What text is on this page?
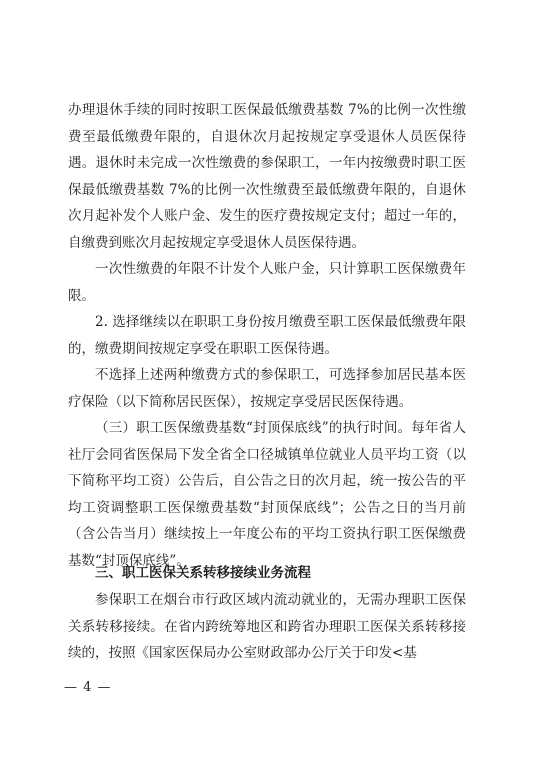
办理退休手续的同时按职工医保最低缴费基数 7%的比例一次性缴费至最低缴费年限的，自退休次月起按规定享受退休人员医保待遇。退休时未完成一次性缴费的参保职工，一年内按缴费时职工医保最低缴费基数 7%的比例一次性缴费至最低缴费年限的，自退休次月起补发个人账户金、发生的医疗费按规定支付；超过一年的，自缴费到账次月起按规定享受退休人员医保待遇。

一次性缴费的年限不计发个人账户金，只计算职工医保缴费年限。

2. 选择继续以在职职工身份按月缴费至职工医保最低缴费年限的，缴费期间按规定享受在职职工医保待遇。

不选择上述两种缴费方式的参保职工，可选择参加居民基本医疗保险（以下简称居民医保），按规定享受居民医保待遇。

（三）职工医保缴费基数“封顶保底线”的执行时间。每年省人社厅会同省医保局下发全省全口径城镇单位就业人员平均工资（以下简称平均工资）公告后，自公告之日的次月起，统一按公告的平均工资调整职工医保缴费基数“封顶保底线”；公告之日的当月前（含公告当月）继续按上一年度公布的平均工资执行职工医保缴费基数“封顶保底线”。

三、职工医保关系转移接续业务流程

参保职工在烟台市行政区域内流动就业的，无需办理职工医保关系转移接续。在省内跨统筹地区和跨省办理职工医保关系转移接续的，按照《国家医保局办公室财政部办公厅关于印发<基

— 4 —
